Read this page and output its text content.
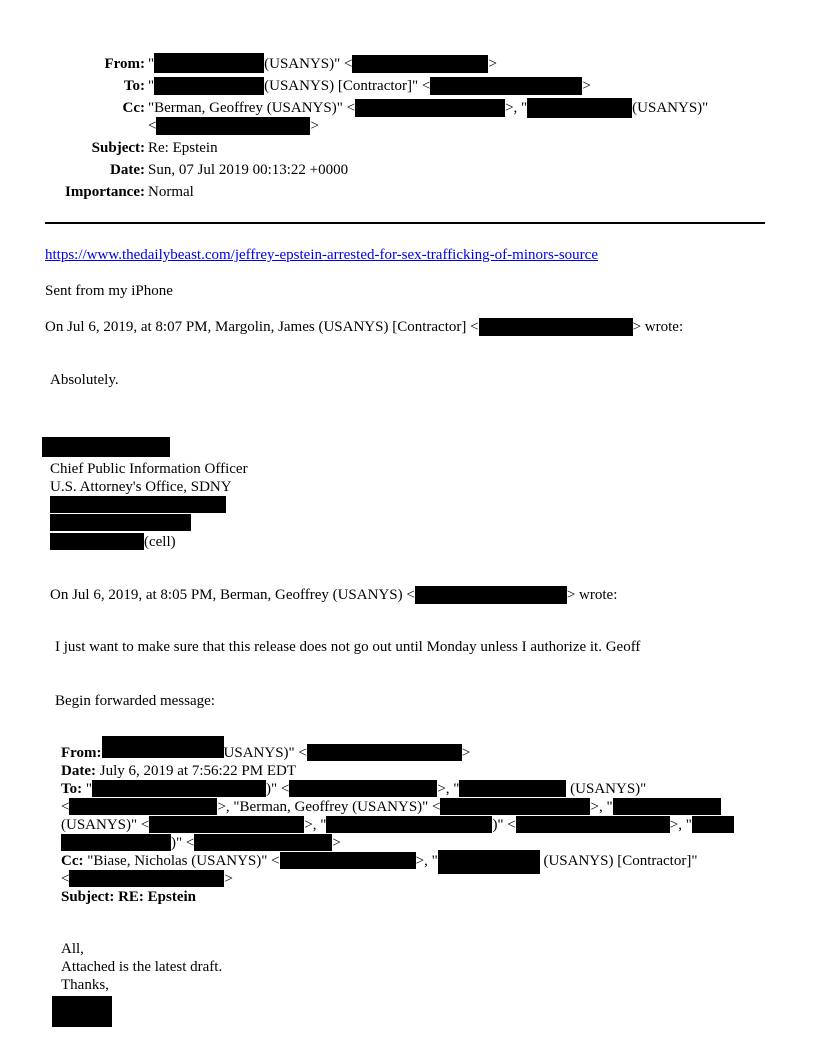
From: "	(USANYS)" <	>
To: "	(USANYS) [Contractor]" <	>
Cc: "Berman, Geoffrey (USANYS)" <	>, "	(USANYS)"
<	>
Subject: Re: Epstein
Date: Sun, 07 Jul 2019 00:13:22 +0000
Importance: Normal
https://www.thedailybeast.com/jeffrey-epstein-arrested-for-sex-trafficking-of-minors-source
Sent from my iPhone
On Jul 6, 2019, at 8:07 PM, Margolin, James (USANYS) [Contractor] <	> wrote:
Absolutely.
Chief Public Information Officer
U.S. Attorney's Office, SDNY
(cell)
On Jul 6, 2019, at 8:05 PM, Berman, Geoffrey (USANYS) <	> wrote:
I just want to make sure that this release does not go out until Monday unless I authorize it. Geoff
Begin forwarded message:
From:	USANYS)" <	>
Date: July 6, 2019 at 7:56:22 PM EDT
To: "	)" <	>, "	(USANYS)"
<	>, "Berman, Geoffrey (USANYS)" <	>, "
(USANYS)" <	>, "	)" <	>, "
)" <	>
Cc: "Biase, Nicholas (USANYS)" <	>, "	(USANYS) [Contractor]"
<	>
Subject: RE: Epstein
All,
Attached is the latest draft.
Thanks,
